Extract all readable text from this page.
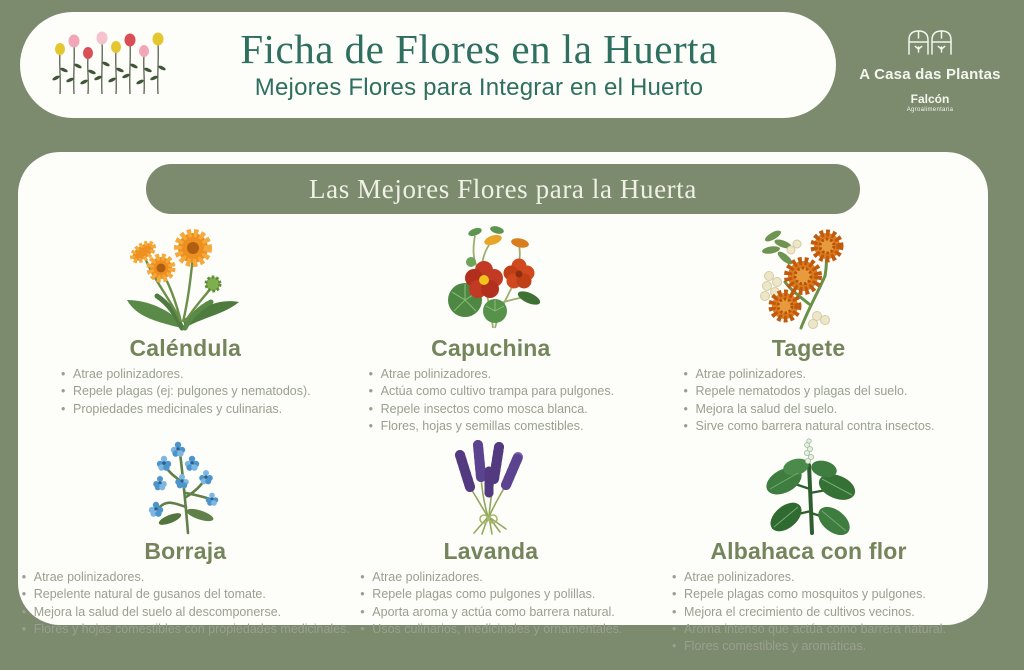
Ficha de Flores en la Huerta
Mejores Flores para Integrar en el Huerto	A Casa das Plantas
Falcón
Agroalimentaria
Las Mejores Flores para la Huerta
Caléndula
• Atrae polinizadores.
• Repele plagas (ej: pulgones y nematodos).
• Propiedades medicinales y culinarias.
Capuchina
• Atrae polinizadores.
• Actúa como cultivo trampa para pulgones.
• Repele insectos como mosca blanca.
• Flores, hojas y semillas comestibles.
Tagete
• Atrae polinizadores.
• Repele nematodos y plagas del suelo.
• Mejora la salud del suelo.
• Sirve como barrera natural contra insectos.
Borraja
• Atrae polinizadores.
• Repelente natural de gusanos del tomate.
• Mejora la salud del suelo al descomponerse.
• Flores y hojas comestibles con propiedades medicinales.
Lavanda
• Atrae polinizadores.
• Repele plagas como pulgones y polillas.
• Aporta aroma y actúa como barrera natural.
• Usos culinarios, medicinales y ornamentales.
Albahaca con flor
• Atrae polinizadores.
• Repele plagas como mosquitos y pulgones.
• Mejora el crecimiento de cultivos vecinos.
• Aroma intenso que actúa como barrera natural.
• Flores comestibles y aromáticas.
